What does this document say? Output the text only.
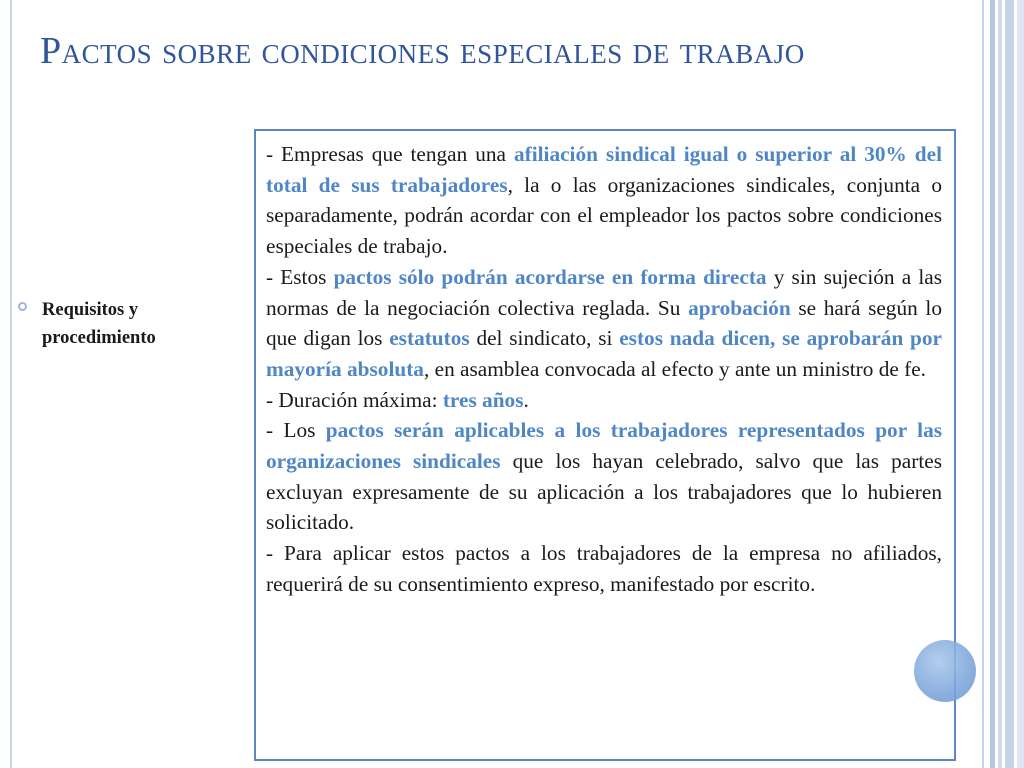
Pactos sobre condiciones especiales de trabajo
Requisitos y
procedimiento

- Empresas que tengan una afiliación sindical igual o superior al 30% del total de sus trabajadores, la o las organizaciones sindicales, conjunta o separadamente, podrán acordar con el empleador los pactos sobre condiciones especiales de trabajo.

- Estos pactos sólo podrán acordarse en forma directa y sin sujeción a las normas de la negociación colectiva reglada. Su aprobación se hará según lo que digan los estatutos del sindicato, si estos nada dicen, se aprobarán por mayoría absoluta, en asamblea convocada al efecto y ante un ministro de fe.

- Duración máxima: tres años.

- Los pactos serán aplicables a los trabajadores representados por las organizaciones sindicales que los hayan celebrado, salvo que las partes excluyan expresamente de su aplicación a los trabajadores que lo hubieren solicitado.

- Para aplicar estos pactos a los trabajadores de la empresa no afiliados, requerirá de su consentimiento expreso, manifestado por escrito.
